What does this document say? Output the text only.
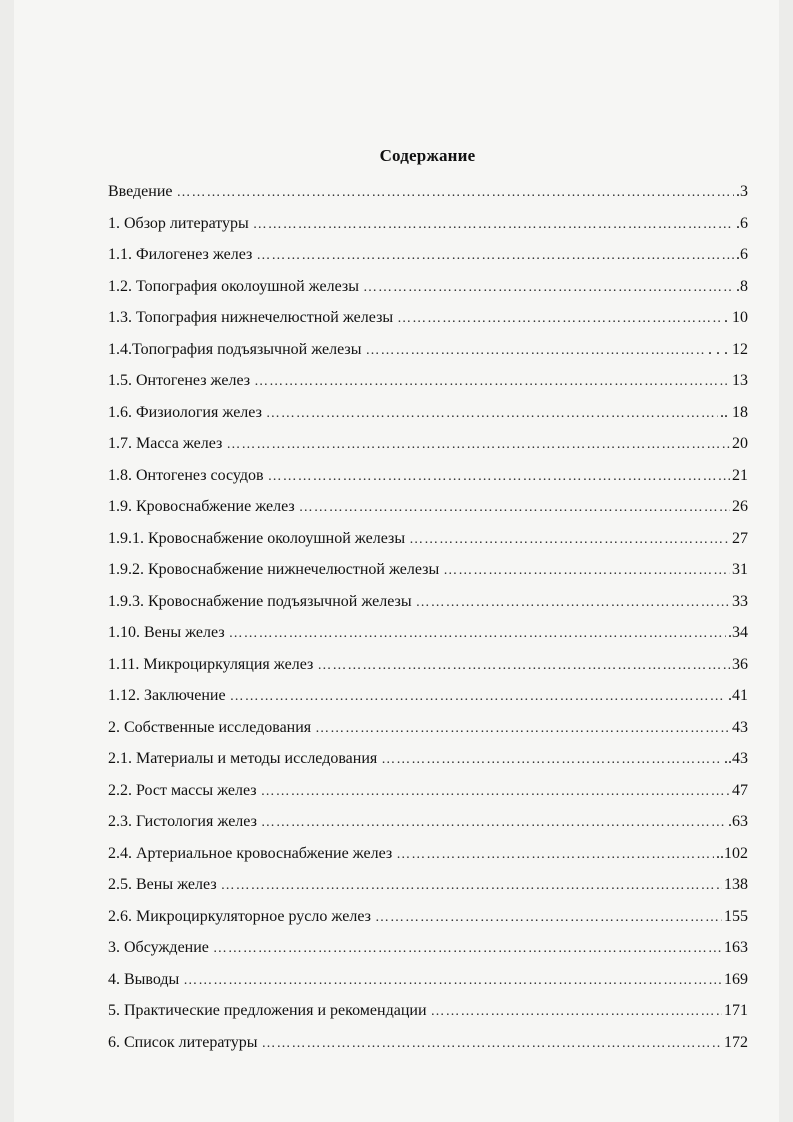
Содержание
Введение ……………………………………………………………………………………………………………………………………	.3
1. Обзор литературы ……………………………………………………………………………………………………………………………………	.6
1.1. Филогенез желез ……………………………………………………………………………………………………………………………………	.6
1.2. Топография околоушной железы ……………………………………………………………………………………………………………………………………	.8
1.3. Топография нижнечелюстной железы ……………………………………………………………………………………………………………………………………	. 10
1.4.Топография подъязычной железы ……………………………………………………………………………………………………………………………………	. . . 12
1.5. Онтогенез желез ……………………………………………………………………………………………………………………………………	13
1.6. Физиология желез ……………………………………………………………………………………………………………………………………	.. 18
1.7. Масса желез ……………………………………………………………………………………………………………………………………	20
1.8. Онтогенез сосудов ……………………………………………………………………………………………………………………………………	21
1.9. Кровоснабжение желез ……………………………………………………………………………………………………………………………………	26
1.9.1. Кровоснабжение околоушной железы ……………………………………………………………………………………………………………………………………	27
1.9.2. Кровоснабжение нижнечелюстной железы ……………………………………………………………………………………………………………………………………	31
1.9.3. Кровоснабжение подъязычной железы ……………………………………………………………………………………………………………………………………	33
1.10. Вены желез ……………………………………………………………………………………………………………………………………	.34
1.11. Микроциркуляция желез ……………………………………………………………………………………………………………………………………	36
1.12. Заключение ……………………………………………………………………………………………………………………………………	.41
2. Собственные исследования ……………………………………………………………………………………………………………………………………	43
2.1. Материалы и методы исследования ……………………………………………………………………………………………………………………………………	..43
2.2. Рост массы желез ……………………………………………………………………………………………………………………………………	47
2.3. Гистология желез ……………………………………………………………………………………………………………………………………	.63
2.4. Артериальное кровоснабжение желез ……………………………………………………………………………………………………………………………………	..102
2.5. Вены желез ……………………………………………………………………………………………………………………………………	138
2.6. Микроциркуляторное русло желез ……………………………………………………………………………………………………………………………………	155
3. Обсуждение ……………………………………………………………………………………………………………………………………	163
4. Выводы ……………………………………………………………………………………………………………………………………	169
5. Практические предложения и рекомендации ……………………………………………………………………………………………………………………………………	171
6. Список литературы ……………………………………………………………………………………………………………………………………	172
